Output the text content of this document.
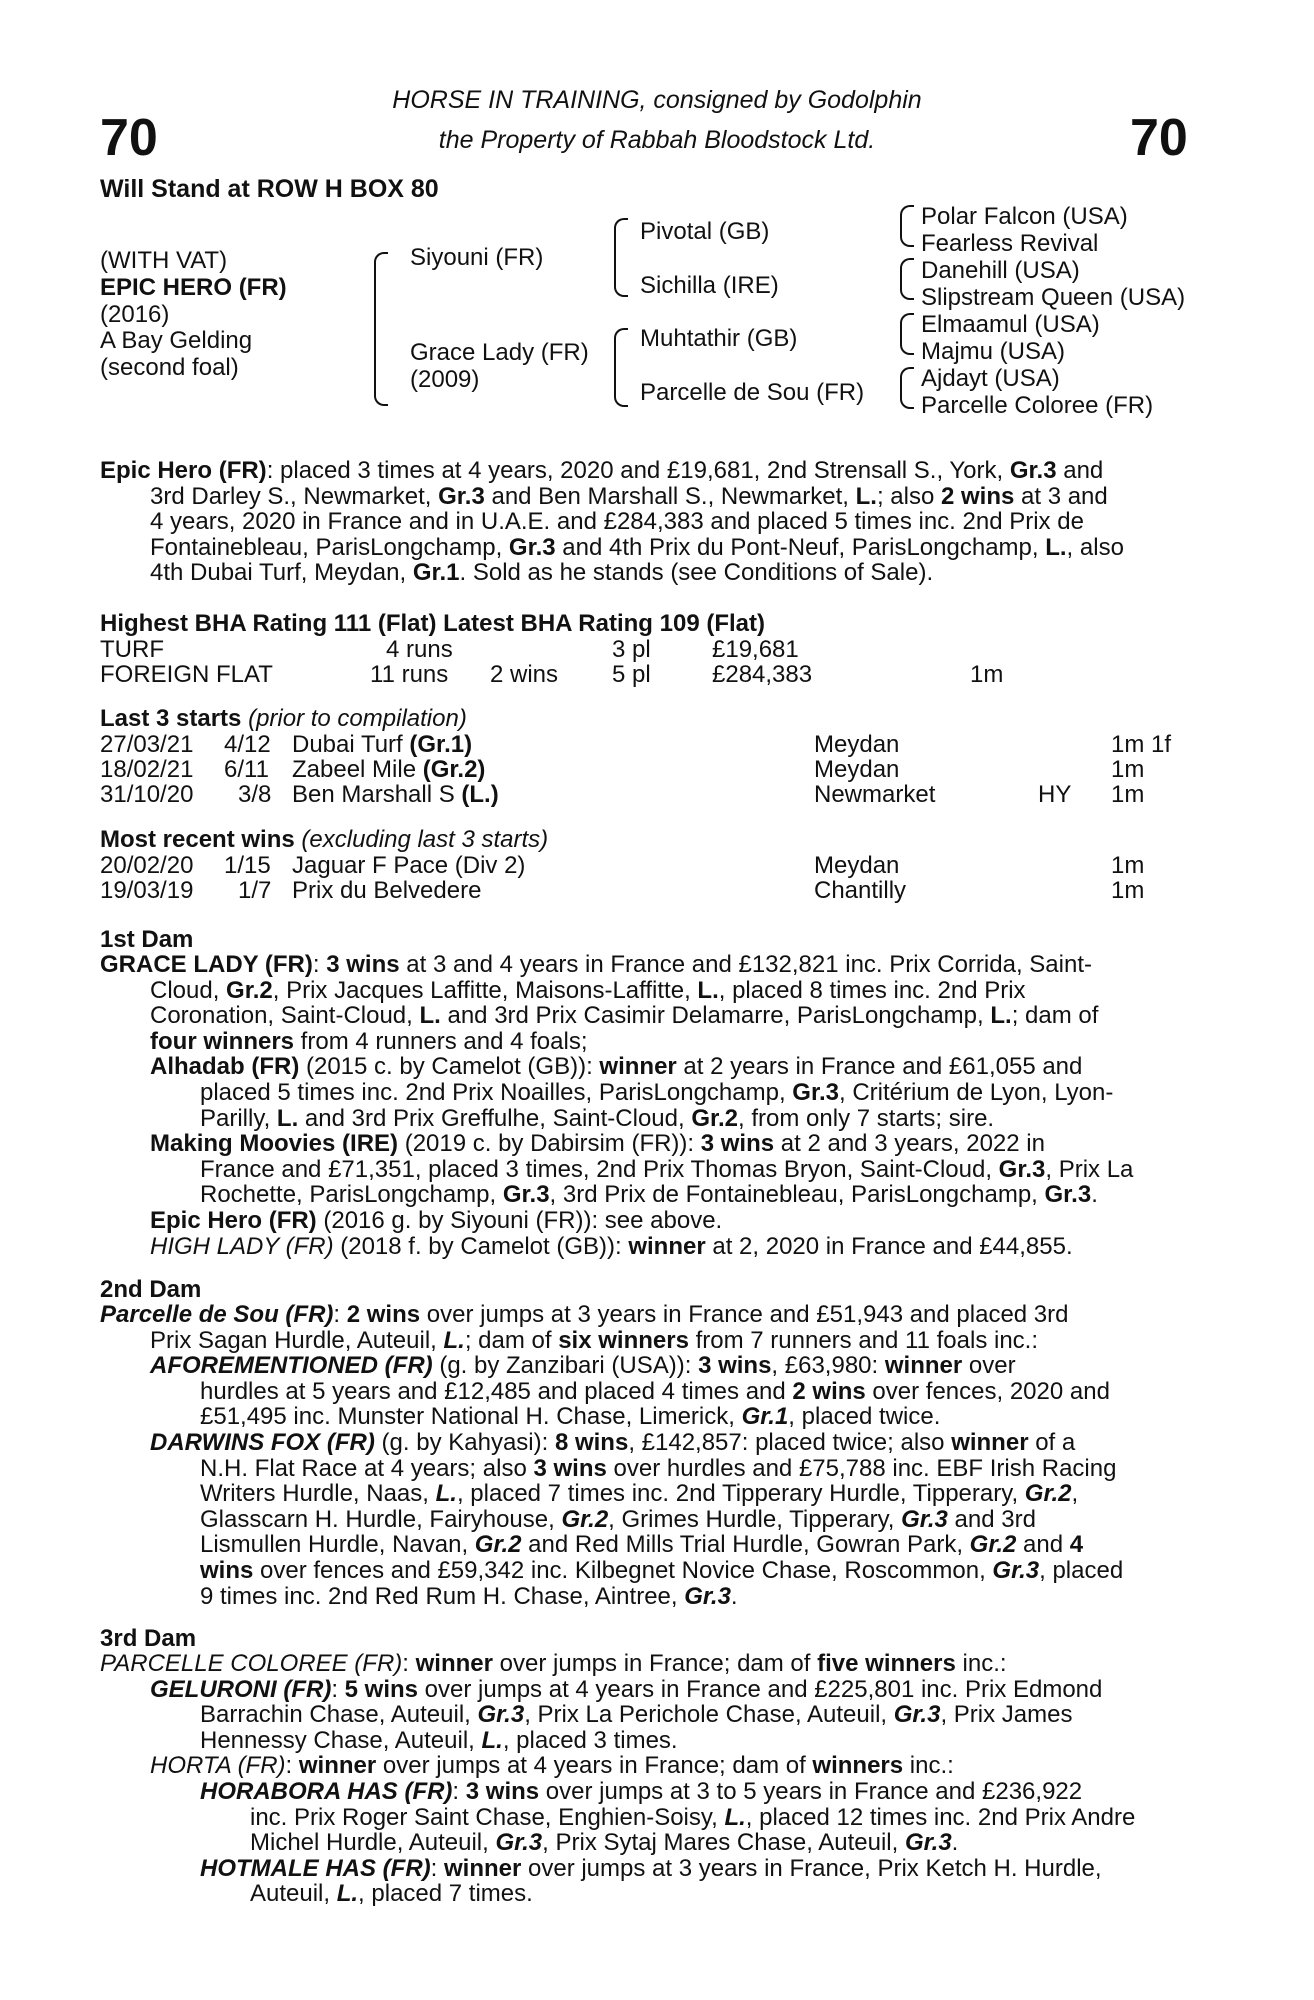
70	70
HORSE IN TRAINING, consigned by Godolphin
the Property of Rabbah Bloodstock Ltd.
Will Stand at ROW H BOX 80
(WITH VAT)
EPIC HERO (FR)
(2016)
A Bay Gelding
(second foal)
Siyouni (FR)
Grace Lady (FR)
(2009)
Pivotal (GB)
Sichilla (IRE)
Muhtathir (GB)
Parcelle de Sou (FR)
Polar Falcon (USA)
Fearless Revival
Danehill (USA)
Slipstream Queen (USA)
Elmaamul (USA)
Majmu (USA)
Ajdayt (USA)
Parcelle Coloree (FR)
Epic Hero (FR): placed 3 times at 4 years, 2020 and £19,681, 2nd Strensall S., York, Gr.3 and
3rd Darley S., Newmarket, Gr.3 and Ben Marshall S., Newmarket, L.; also 2 wins at 3 and
4 years, 2020 in France and in U.A.E. and £284,383 and placed 5 times inc. 2nd Prix de
Fontainebleau, ParisLongchamp, Gr.3 and 4th Prix du Pont-Neuf, ParisLongchamp, L., also
4th Dubai Turf, Meydan, Gr.1. Sold as he stands (see Conditions of Sale).
Highest BHA Rating 111 (Flat) Latest BHA Rating 109 (Flat)
TURF	4 runs	3 pl	£19,681
FOREIGN FLAT	11 runs 2 wins 5 pl	£284,383	1m
Last 3 starts (prior to compilation)
27/03/21 4/12 Dubai Turf (Gr.1)	Meydan	1m 1f
18/02/21 6/11 Zabeel Mile (Gr.2)	Meydan	1m
31/10/20 3/8 Ben Marshall S (L.)	Newmarket	HY 1m
Most recent wins (excluding last 3 starts)
20/02/20 1/15 Jaguar F Pace (Div 2)	Meydan	1m
19/03/19 1/7 Prix du Belvedere	Chantilly	1m
1st Dam
GRACE LADY (FR): 3 wins at 3 and 4 years in France and £132,821 inc. Prix Corrida, Saint-
Cloud, Gr.2, Prix Jacques Laffitte, Maisons-Laffitte, L., placed 8 times inc. 2nd Prix
Coronation, Saint-Cloud, L. and 3rd Prix Casimir Delamarre, ParisLongchamp, L.; dam of
four winners from 4 runners and 4 foals;
Alhadab (FR) (2015 c. by Camelot (GB)): winner at 2 years in France and £61,055 and
placed 5 times inc. 2nd Prix Noailles, ParisLongchamp, Gr.3, Critérium de Lyon, Lyon-
Parilly, L. and 3rd Prix Greffulhe, Saint-Cloud, Gr.2, from only 7 starts; sire.
Making Moovies (IRE) (2019 c. by Dabirsim (FR)): 3 wins at 2 and 3 years, 2022 in
France and £71,351, placed 3 times, 2nd Prix Thomas Bryon, Saint-Cloud, Gr.3, Prix La
Rochette, ParisLongchamp, Gr.3, 3rd Prix de Fontainebleau, ParisLongchamp, Gr.3.
Epic Hero (FR) (2016 g. by Siyouni (FR)): see above.
HIGH LADY (FR) (2018 f. by Camelot (GB)): winner at 2, 2020 in France and £44,855.
2nd Dam
Parcelle de Sou (FR): 2 wins over jumps at 3 years in France and £51,943 and placed 3rd
Prix Sagan Hurdle, Auteuil, L.; dam of six winners from 7 runners and 11 foals inc.:
AFOREMENTIONED (FR) (g. by Zanzibari (USA)): 3 wins, £63,980: winner over
hurdles at 5 years and £12,485 and placed 4 times and 2 wins over fences, 2020 and
£51,495 inc. Munster National H. Chase, Limerick, Gr.1, placed twice.
DARWINS FOX (FR) (g. by Kahyasi): 8 wins, £142,857: placed twice; also winner of a
N.H. Flat Race at 4 years; also 3 wins over hurdles and £75,788 inc. EBF Irish Racing
Writers Hurdle, Naas, L., placed 7 times inc. 2nd Tipperary Hurdle, Tipperary, Gr.2,
Glasscarn H. Hurdle, Fairyhouse, Gr.2, Grimes Hurdle, Tipperary, Gr.3 and 3rd
Lismullen Hurdle, Navan, Gr.2 and Red Mills Trial Hurdle, Gowran Park, Gr.2 and 4
wins over fences and £59,342 inc. Kilbegnet Novice Chase, Roscommon, Gr.3, placed
9 times inc. 2nd Red Rum H. Chase, Aintree, Gr.3.
3rd Dam
PARCELLE COLOREE (FR): winner over jumps in France; dam of five winners inc.:
GELURONI (FR): 5 wins over jumps at 4 years in France and £225,801 inc. Prix Edmond
Barrachin Chase, Auteuil, Gr.3, Prix La Perichole Chase, Auteuil, Gr.3, Prix James
Hennessy Chase, Auteuil, L., placed 3 times.
HORTA (FR): winner over jumps at 4 years in France; dam of winners inc.:
HORABORA HAS (FR): 3 wins over jumps at 3 to 5 years in France and £236,922
inc. Prix Roger Saint Chase, Enghien-Soisy, L., placed 12 times inc. 2nd Prix Andre
Michel Hurdle, Auteuil, Gr.3, Prix Sytaj Mares Chase, Auteuil, Gr.3.
HOTMALE HAS (FR): winner over jumps at 3 years in France, Prix Ketch H. Hurdle,
Auteuil, L., placed 7 times.
